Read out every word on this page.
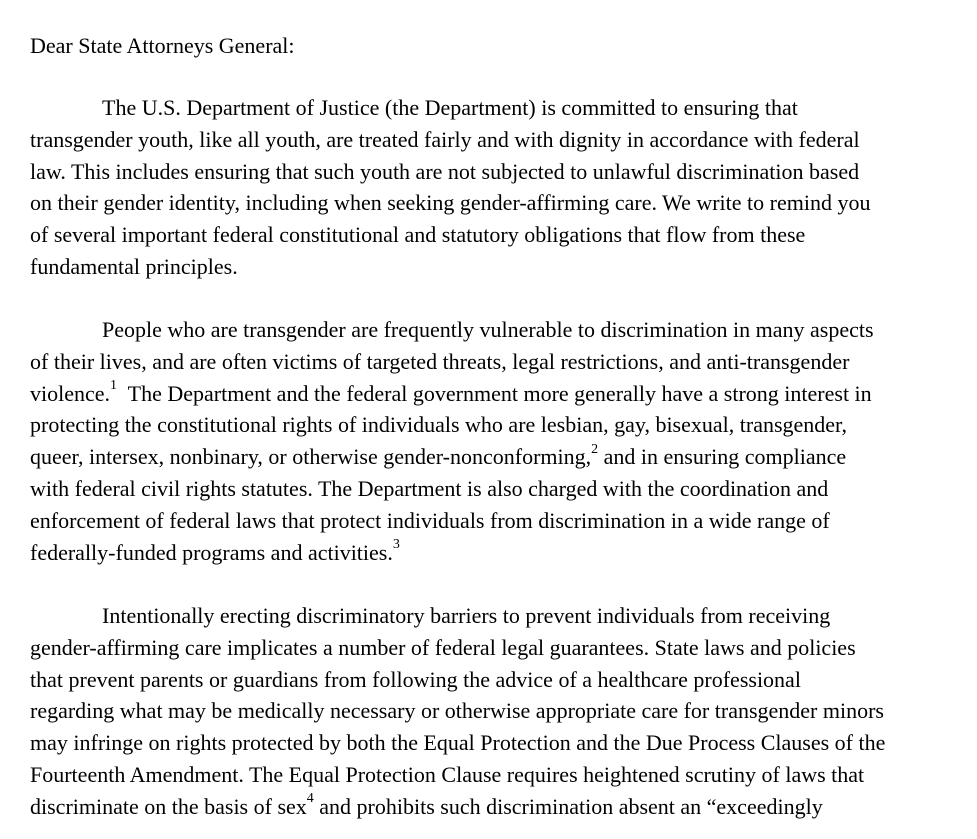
Dear State Attorneys General:
The U.S. Department of Justice (the Department) is committed to ensuring that
transgender youth, like all youth, are treated fairly and with dignity in accordance with federal
law. This includes ensuring that such youth are not subjected to unlawful discrimination based
on their gender identity, including when seeking gender-affirming care. We write to remind you
of several important federal constitutional and statutory obligations that flow from these
fundamental principles.
People who are transgender are frequently vulnerable to discrimination in many aspects
of their lives, and are often victims of targeted threats, legal restrictions, and anti-transgender
violence.$^1$  The Department and the federal government more generally have a strong interest in
protecting the constitutional rights of individuals who are lesbian, gay, bisexual, transgender,
queer, intersex, nonbinary, or otherwise gender-nonconforming,$^2$ and in ensuring compliance
with federal civil rights statutes. The Department is also charged with the coordination and
enforcement of federal laws that protect individuals from discrimination in a wide range of
federally-funded programs and activities.$^3$
Intentionally erecting discriminatory barriers to prevent individuals from receiving
gender-affirming care implicates a number of federal legal guarantees. State laws and policies
that prevent parents or guardians from following the advice of a healthcare professional
regarding what may be medically necessary or otherwise appropriate care for transgender minors
may infringe on rights protected by both the Equal Protection and the Due Process Clauses of the
Fourteenth Amendment. The Equal Protection Clause requires heightened scrutiny of laws that
discriminate on the basis of sex$^4$ and prohibits such discrimination absent an “exceedingly
